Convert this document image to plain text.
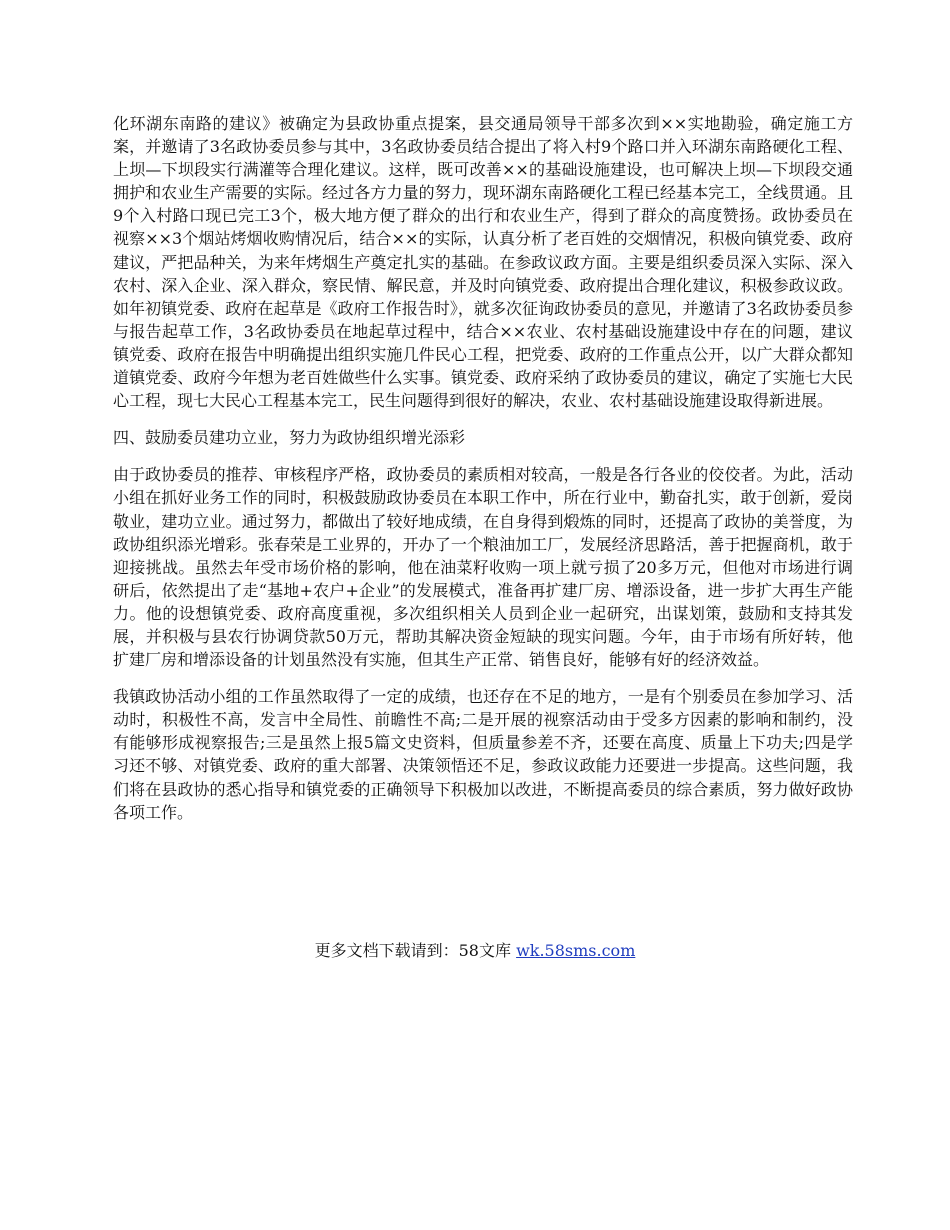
化环湖东南路的建议》被确定为县政协重点提案，县交通局领导干部多次到××实地勘验，确定施工方案，并邀请了3名政协委员参与其中，3名政协委员结合提出了将入村9个路口并入环湖东南路硬化工程、上坝—下坝段实行满灌等合理化建议。这样，既可改善××的基础设施建设，也可解决上坝—下坝段交通拥护和农业生产需要的实际。经过各方力量的努力，现环湖东南路硬化工程已经基本完工，全线贯通。且9个入村路口现已完工3个，极大地方便了群众的出行和农业生产，得到了群众的高度赞扬。政协委员在视察××3个烟站烤烟收购情况后，结合××的实际，认真分析了老百姓的交烟情况，积极向镇党委、政府建议，严把品种关，为来年烤烟生产奠定扎实的基础。在参政议政方面。主要是组织委员深入实际、深入农村、深入企业、深入群众，察民情、解民意，并及时向镇党委、政府提出合理化建议，积极参政议政。如年初镇党委、政府在起草是《政府工作报告时》，就多次征询政协委员的意见，并邀请了3名政协委员参与报告起草工作，3名政协委员在地起草过程中，结合××农业、农村基础设施建设中存在的问题，建议镇党委、政府在报告中明确提出组织实施几件民心工程，把党委、政府的工作重点公开，以广大群众都知道镇党委、政府今年想为老百姓做些什么实事。镇党委、政府采纳了政协委员的建议，确定了实施七大民心工程，现七大民心工程基本完工，民生问题得到很好的解决，农业、农村基础设施建设取得新进展。

四、鼓励委员建功立业，努力为政协组织增光添彩

由于政协委员的推荐、审核程序严格，政协委员的素质相对较高，一般是各行各业的佼佼者。为此，活动小组在抓好业务工作的同时，积极鼓励政协委员在本职工作中，所在行业中，勤奋扎实，敢于创新，爱岗敬业，建功立业。通过努力，都做出了较好地成绩，在自身得到煅炼的同时，还提高了政协的美誉度，为政协组织添光增彩。张春荣是工业界的，开办了一个粮油加工厂，发展经济思路活，善于把握商机，敢于迎接挑战。虽然去年受市场价格的影响，他在油菜籽收购一项上就亏损了20多万元，但他对市场进行调研后，依然提出了走“基地+农户+企业”的发展模式，准备再扩建厂房、增添设备，进一步扩大再生产能力。他的设想镇党委、政府高度重视，多次组织相关人员到企业一起研究，出谋划策，鼓励和支持其发展，并积极与县农行协调贷款50万元，帮助其解决资金短缺的现实问题。今年，由于市场有所好转，他扩建厂房和增添设备的计划虽然没有实施，但其生产正常、销售良好，能够有好的经济效益。

我镇政协活动小组的工作虽然取得了一定的成绩，也还存在不足的地方，一是有个别委员在参加学习、活动时，积极性不高，发言中全局性、前瞻性不高;二是开展的视察活动由于受多方因素的影响和制约，没有能够形成视察报告;三是虽然上报5篇文史资料，但质量参差不齐，还要在高度、质量上下功夫;四是学习还不够、对镇党委、政府的重大部署、决策领悟还不足，参政议政能力还要进一步提高。这些问题，我们将在县政协的悉心指导和镇党委的正确领导下积极加以改进，不断提高委员的综合素质，努力做好政协各项工作。

更多文档下载请到：58文库 wk.58sms.com
